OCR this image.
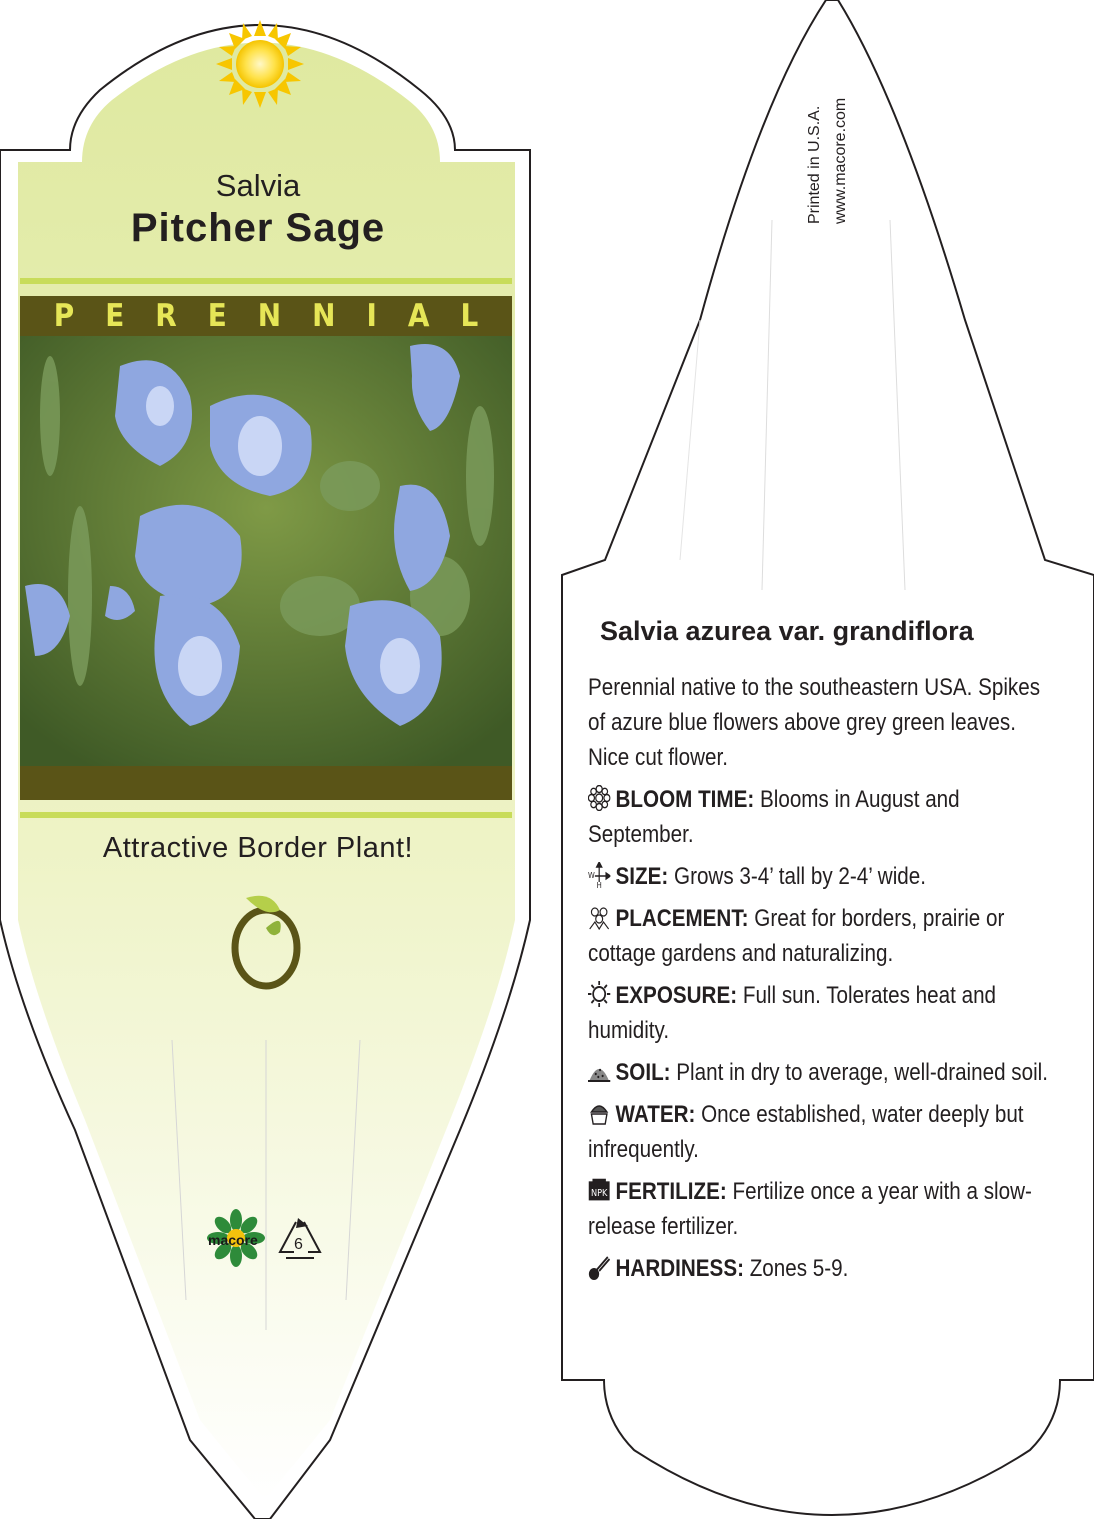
Salvia
Pitcher Sage
PERENNIAL
Attractive Border Plant!
macore 6
Printed in U.S.A. www.macore.com
Salvia azurea var. grandiflora
Perennial native to the southeastern USA. Spikes of azure blue flowers above grey green leaves. Nice cut flower.
BLOOM TIME: Blooms in August and September.
W
H SIZE: Grows 3-4’ tall by 2-4’ wide.
PLACEMENT: Great for borders, prairie or cottage gardens and naturalizing.
EXPOSURE: Full sun. Tolerates heat and humidity.
SOIL: Plant in dry to average, well-drained soil.
WATER: Once established, water deeply but infrequently.
NPK FERTILIZE: Fertilize once a year with a slow-release fertilizer.
HARDINESS: Zones 5-9.
